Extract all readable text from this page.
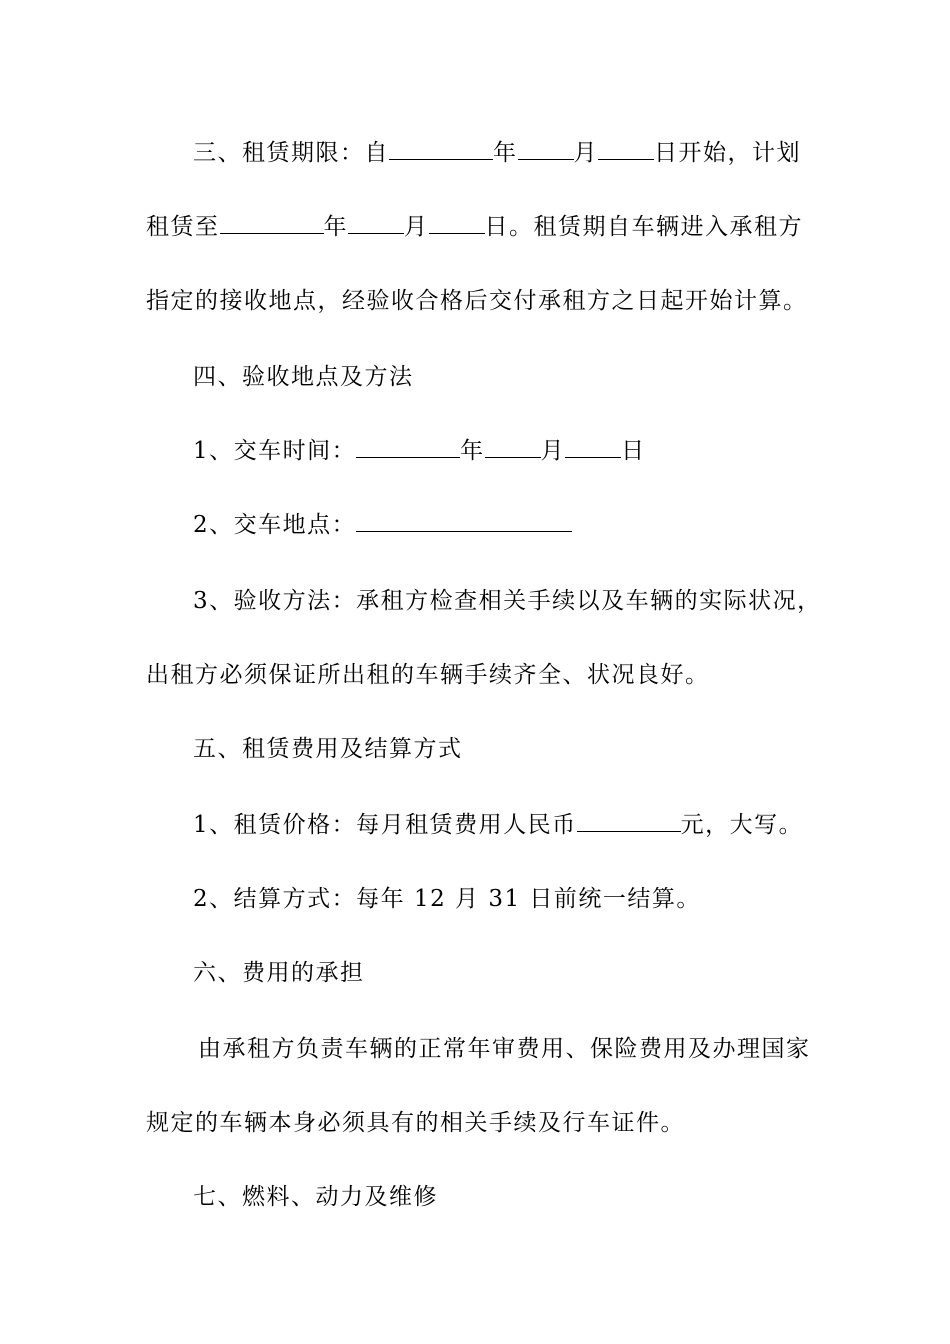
三、租赁期限：自	年 月 日开始，计划
租赁至	年 月 日。租赁期自车辆进入承租方
指定的接收地点，经验收合格后交付承租方之日起开始计算。
四、验收地点及方法
1、交车时间：	年 月 日
2、交车地点：
3、验收方法：承租方检查相关手续以及车辆的实际状况，
出租方必须保证所出租的车辆手续齐全、状况良好。
五、租赁费用及结算方式
1、租赁价格：每月租赁费用人民币	元，大写。
2、结算方式：每年 12 月 31 日前统一结算。
六、费用的承担
由承租方负责车辆的正常年审费用、保险费用及办理国家
规定的车辆本身必须具有的相关手续及行车证件。
七、燃料、动力及维修
